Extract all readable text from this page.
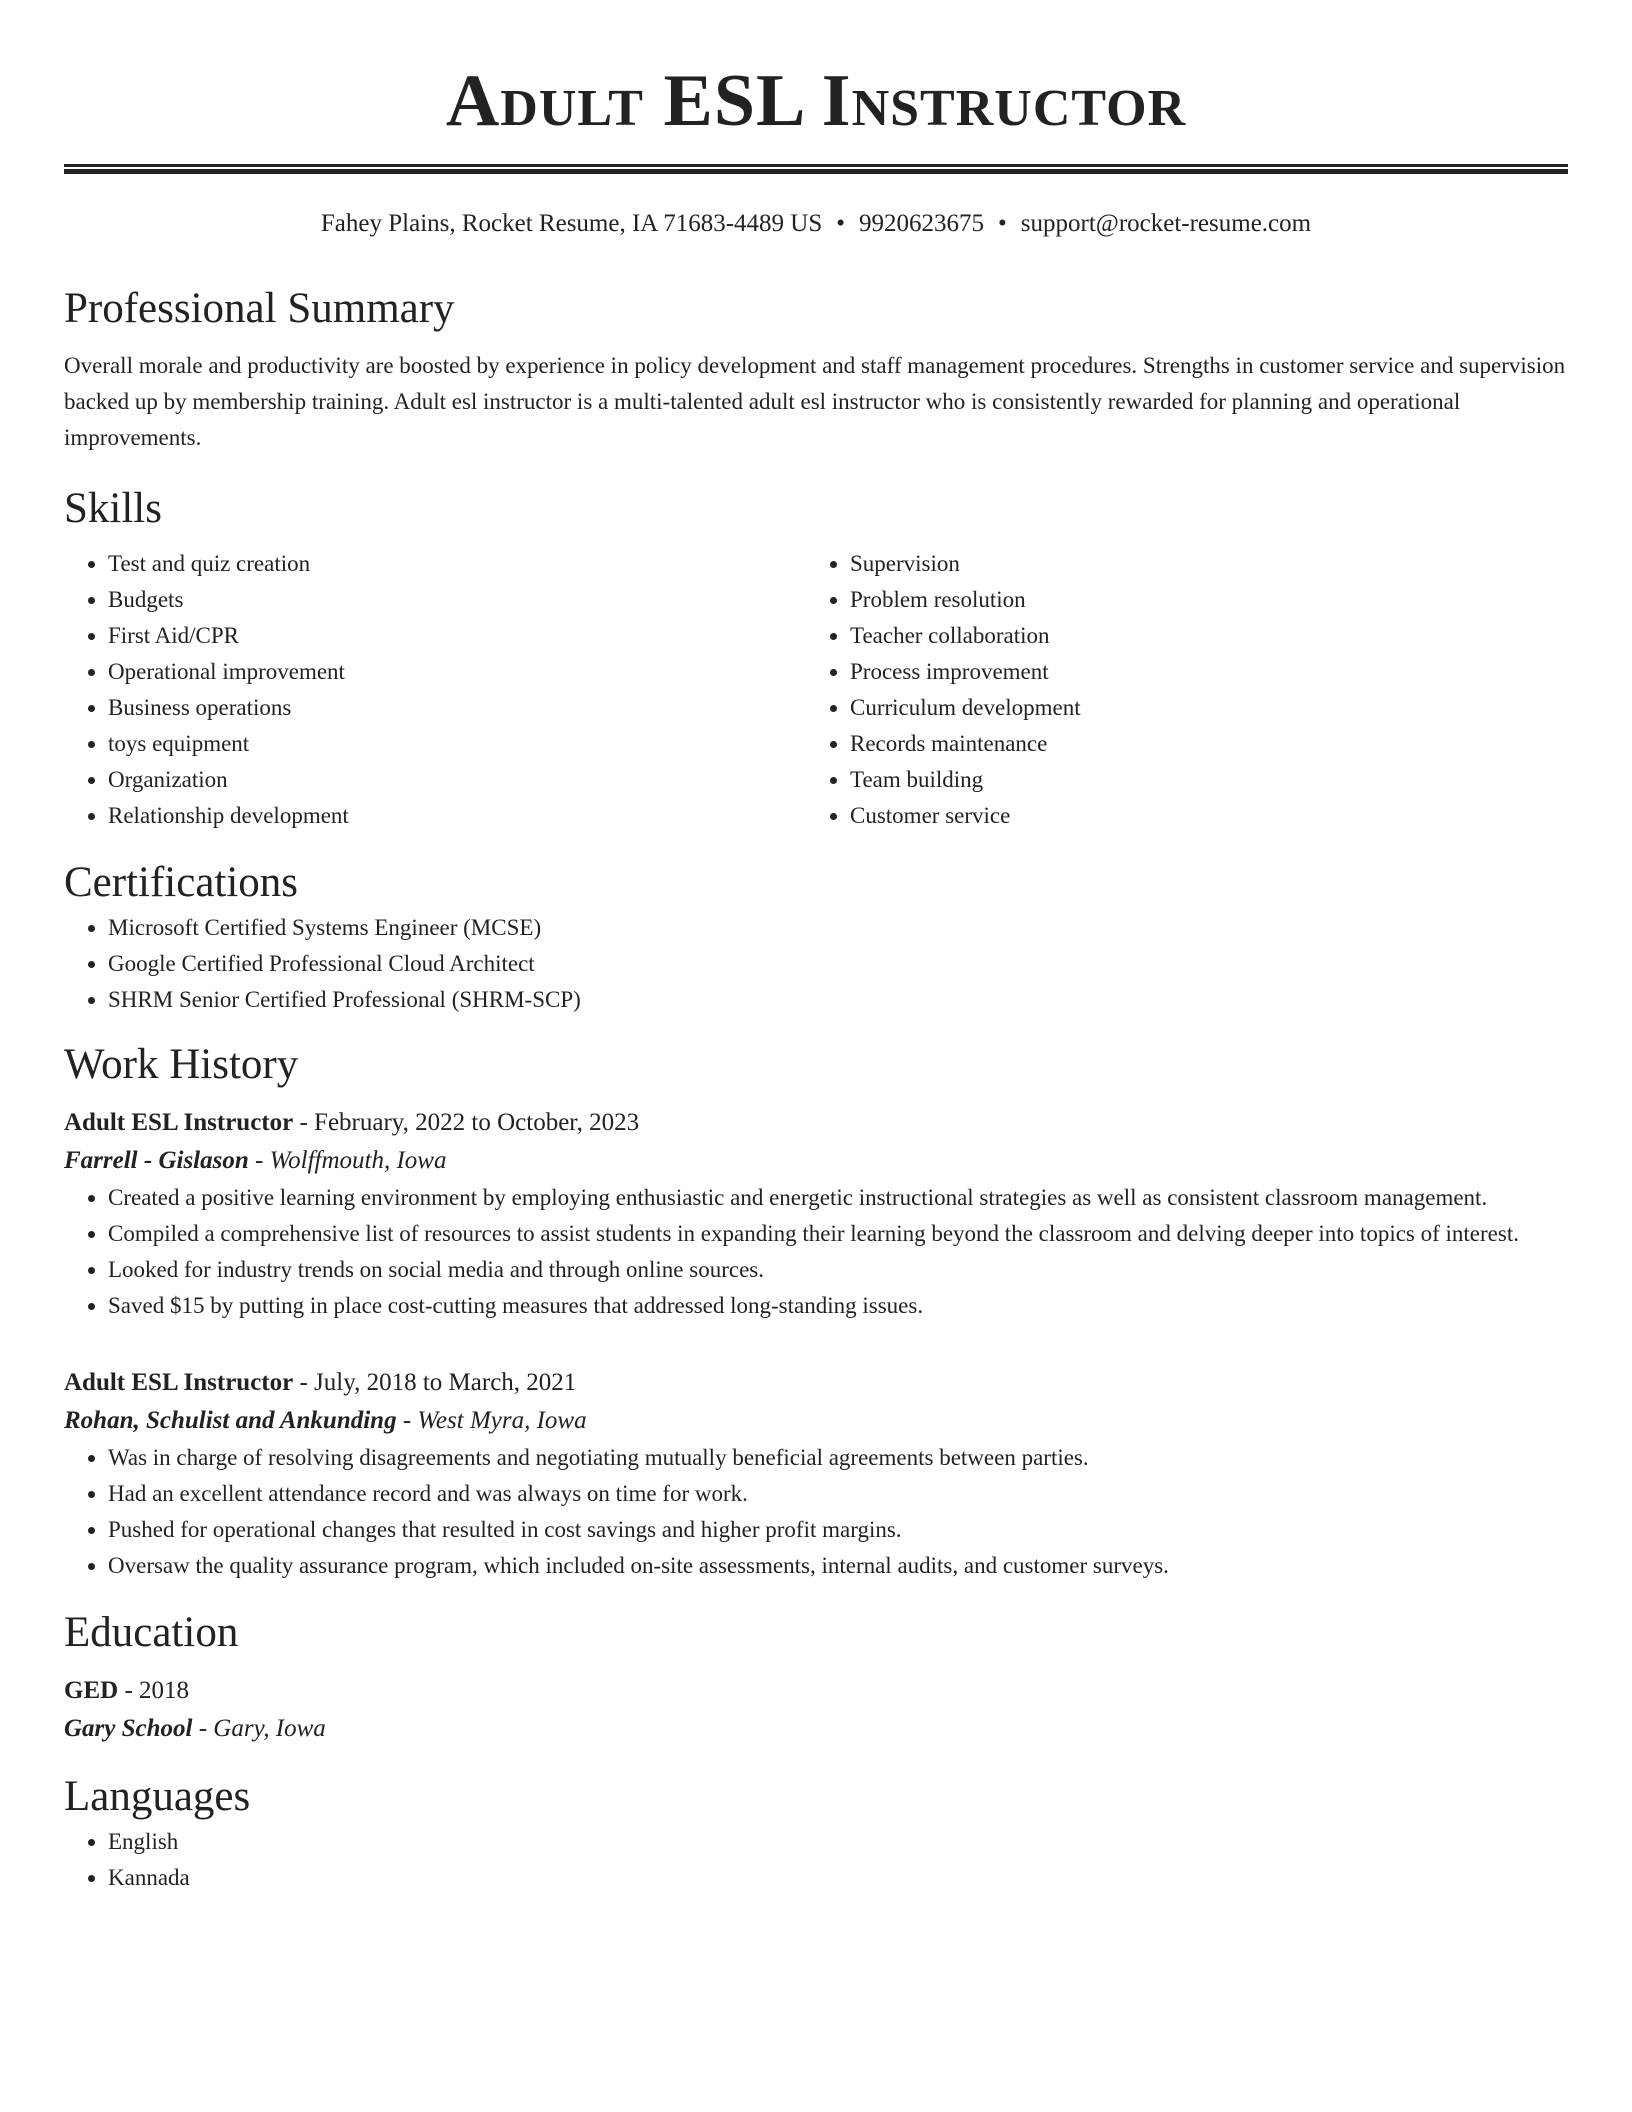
Adult ESL Instructor
Fahey Plains, Rocket Resume, IA 71683-4489 US • 9920623675 • support@rocket-resume.com
Professional Summary

Overall morale and productivity are boosted by experience in policy development and staff management procedures. Strengths in customer service and supervision backed up by membership training. Adult esl instructor is a multi-talented adult esl instructor who is consistently rewarded for planning and operational improvements.

Skills
• Test and quiz creation
• Budgets
• First Aid/CPR
• Operational improvement
• Business operations
• toys equipment
• Organization
• Relationship development
• Supervision
• Problem resolution
• Teacher collaboration
• Process improvement
• Curriculum development
• Records maintenance
• Team building
• Customer service
Certifications
• Microsoft Certified Systems Engineer (MCSE)
• Google Certified Professional Cloud Architect
• SHRM Senior Certified Professional (SHRM-SCP)
Work History
Adult ESL Instructor - February, 2022 to October, 2023
Farrell - Gislason - Wolffmouth, Iowa
• Created a positive learning environment by employing enthusiastic and energetic instructional strategies as well as consistent classroom management.
• Compiled a comprehensive list of resources to assist students in expanding their learning beyond the classroom and delving deeper into topics of interest.
• Looked for industry trends on social media and through online sources.
• Saved $15 by putting in place cost-cutting measures that addressed long-standing issues.
Adult ESL Instructor - July, 2018 to March, 2021
Rohan, Schulist and Ankunding - West Myra, Iowa
• Was in charge of resolving disagreements and negotiating mutually beneficial agreements between parties.
• Had an excellent attendance record and was always on time for work.
• Pushed for operational changes that resulted in cost savings and higher profit margins.
• Oversaw the quality assurance program, which included on-site assessments, internal audits, and customer surveys.
Education
GED - 2018
Gary School - Gary, Iowa
Languages
• English
• Kannada
